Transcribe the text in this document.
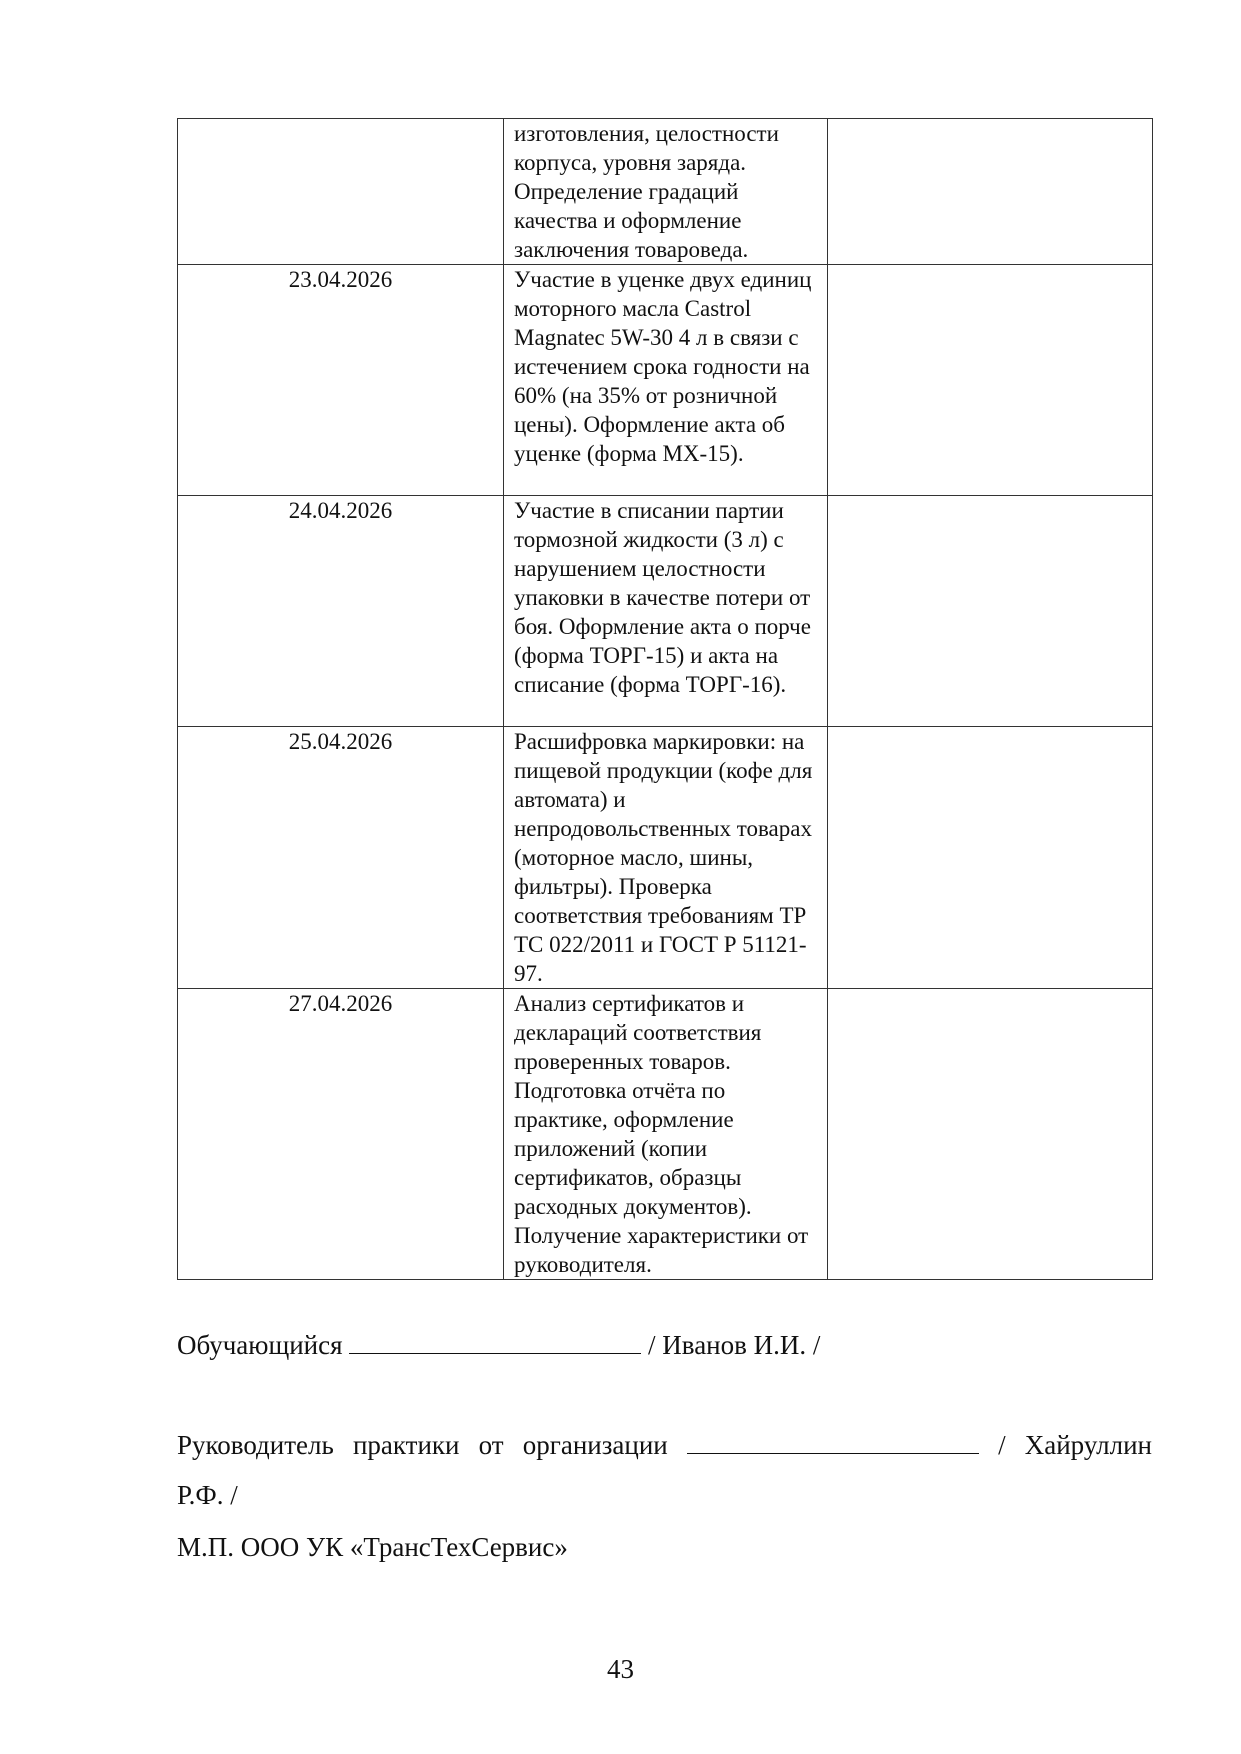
	изготовления, целостности корпуса, уровня заряда. Определение градаций качества и оформление заключения товароведа.	
23.04.2026	Участие в уценке двух единиц моторного масла Castrol Magnatec 5W-30 4 л в связи с истечением срока годности на 60% (на 35% от розничной цены). Оформление акта об уценке (форма МХ-15).	
24.04.2026	Участие в списании партии тормозной жидкости (3 л) с нарушением целостности упаковки в качестве потери от боя. Оформление акта о порче (форма ТОРГ-15) и акта на списание (форма ТОРГ-16).	
25.04.2026	Расшифровка маркировки: на пищевой продукции (кофе для автомата) и непродовольственных товарах (моторное масло, шины, фильтры). Проверка соответствия требованиям ТР ТС 022/2011 и ГОСТ Р 51121-97.	
27.04.2026	Анализ сертификатов и деклараций соответствия проверенных товаров. Подготовка отчёта по практике, оформление приложений (копии сертификатов, образцы расходных документов). Получение характеристики от руководителя.	
Обучающийся	/ Иванов И.И. /
Руководитель практики от организации	/ Хайруллин
Р.Ф. /
М.П. ООО УК «ТрансТехСервис»
43
